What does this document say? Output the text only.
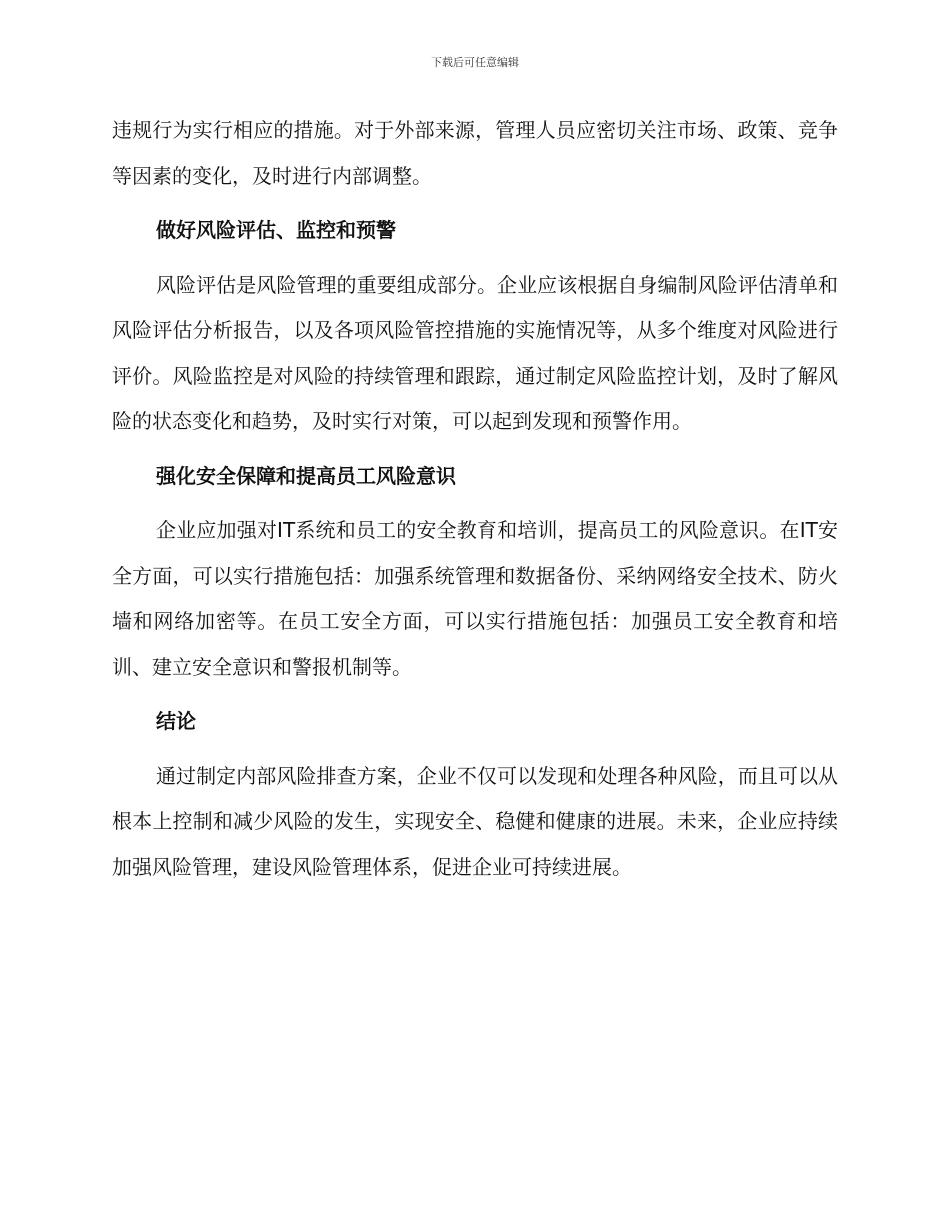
下载后可任意编辑

违规行为实行相应的措施。对于外部来源，管理人员应密切关注市场、政策、竞争等因素的变化，及时进行内部调整。

做好风险评估、监控和预警

风险评估是风险管理的重要组成部分。企业应该根据自身编制风险评估清单和风险评估分析报告，以及各项风险管控措施的实施情况等，从多个维度对风险进行评价。风险监控是对风险的持续管理和跟踪，通过制定风险监控计划，及时了解风险的状态变化和趋势，及时实行对策，可以起到发现和预警作用。

强化安全保障和提高员工风险意识

企业应加强对IT系统和员工的安全教育和培训，提高员工的风险意识。在IT安全方面，可以实行措施包括：加强系统管理和数据备份、采纳网络安全技术、防火墙和网络加密等。在员工安全方面，可以实行措施包括：加强员工安全教育和培训、建立安全意识和警报机制等。

结论

通过制定内部风险排查方案，企业不仅可以发现和处理各种风险，而且可以从根本上控制和减少风险的发生，实现安全、稳健和健康的进展。未来，企业应持续加强风险管理，建设风险管理体系，促进企业可持续进展。
